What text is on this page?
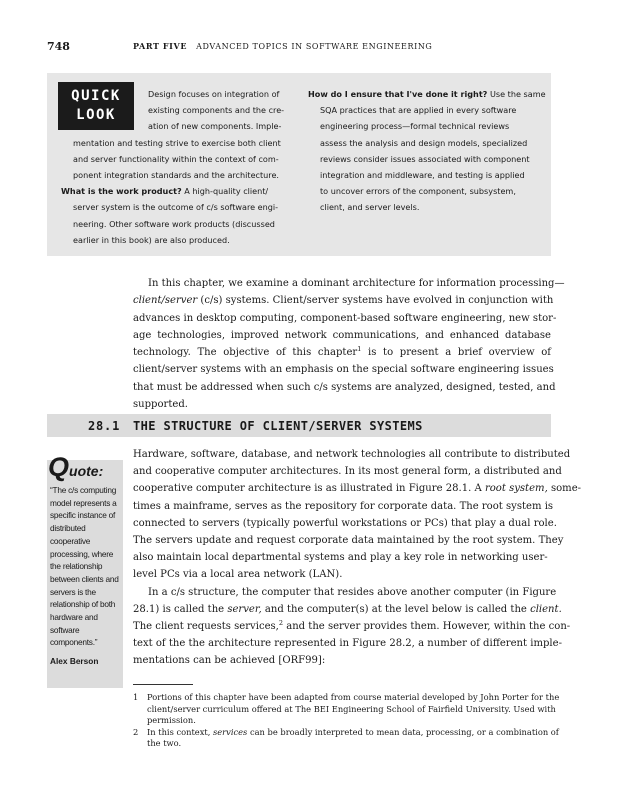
748	PART FIVE ADVANCED TOPICS IN SOFTWARE ENGINEERING
QUICK
LOOK
Design focuses on integration of
existing components and the cre-
ation of new components. Imple-
mentation and testing strive to exercise both client
and server functionality within the context of com-
ponent integration standards and the architecture.
What is the work product? A high-quality client/
server system is the outcome of c/s software engi-
neering. Other software work products (discussed
earlier in this book) are also produced.
How do I ensure that I've done it right? Use the same
SQA practices that are applied in every software
engineering process—formal technical reviews
assess the analysis and design models, specialized
reviews consider issues associated with component
integration and middleware, and testing is applied
to uncover errors of the component, subsystem,
client, and server levels.
In this chapter, we examine a dominant architecture for information processing—
client/server (c/s) systems. Client/server systems have evolved in conjunction with
advances in desktop computing, component-based software engineering, new stor-
age technologies, improved network communications, and enhanced database
technology. The objective of this chapter$^1$ is to present a brief overview of
client/server systems with an emphasis on the special software engineering issues
that must be addressed when such c/s systems are analyzed, designed, tested, and
supported.
28.1 THE STRUCTURE OF CLIENT/SERVER SYSTEMS
Quote:
“The c/s computing
model represents a
specific instance of
distributed
cooperative
processing, where
the relationship
between clients and
servers is the
relationship of both
hardware and
software
components.”
Alex Berson
Hardware, software, database, and network technologies all contribute to distributed
and cooperative computer architectures. In its most general form, a distributed and
cooperative computer architecture is as illustrated in Figure 28.1. A root system, some-
times a mainframe, serves as the repository for corporate data. The root system is
connected to servers (typically powerful workstations or PCs) that play a dual role.
The servers update and request corporate data maintained by the root system. They
also maintain local departmental systems and play a key role in networking user-
level PCs via a local area network (LAN).
In a c/s structure, the computer that resides above another computer (in Figure
28.1) is called the server, and the computer(s) at the level below is called the client.
The client requests services,$^2$ and the server provides them. However, within the con-
text of the the architecture represented in Figure 28.2, a number of different imple-
mentations can be achieved [ORF99]:
1 Portions of this chapter have been adapted from course material developed by John Porter for the
client/server curriculum offered at The BEI Engineering School of Fairfield University. Used with
permission.
2 In this context, services can be broadly interpreted to mean data, processing, or a combination of
the two.
